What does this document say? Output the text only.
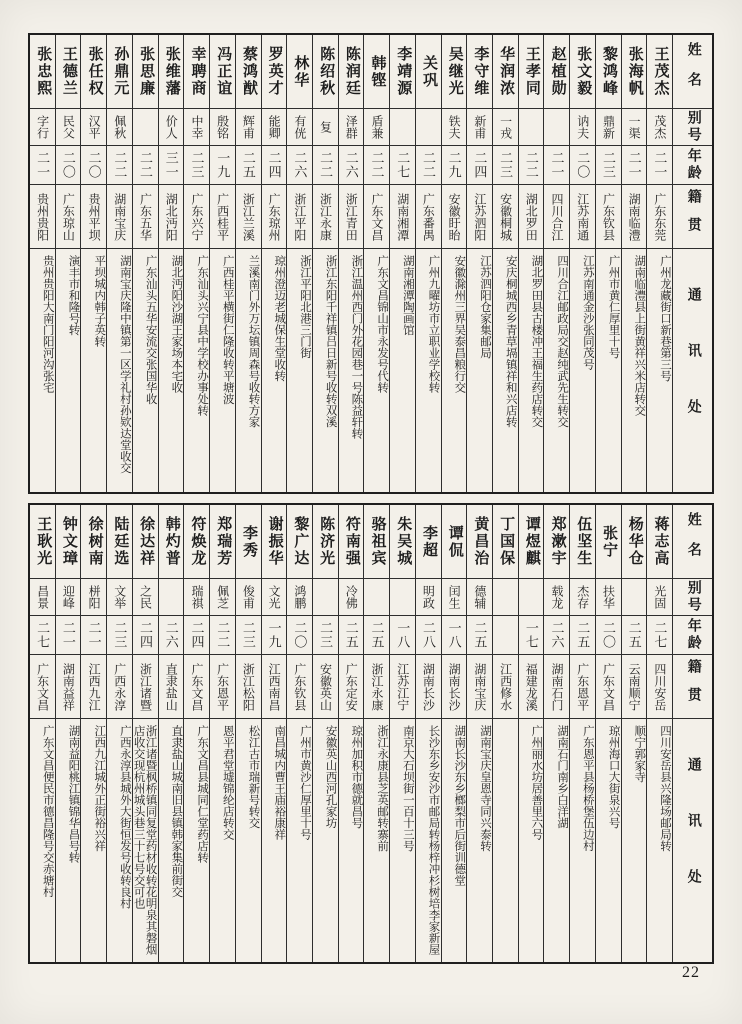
姓名
别号
年龄
籍贯
通讯处
王茂杰
茂杰
二一
广东东莞
广州龙藏街口新巷第三号
张海帆
一渠
二一
湖南临澧
湖南临澧县上街黄祥兴米店转交
黎鸿峰
鼎新
二三
广东钦县
广州市黄仁厚里十号
张文毅
讷夫
二〇
江苏南通
江苏南通金沙张同茂号
赵植勋
二一
四川合江
四川合江邮政局交赵纯武先生转交
王孝同
二二
湖北罗田
湖北罗田县古楼冲王福生药店转交
华润浓
一戎
二三
安徽桐城
安庆桐城西乡青草塥镇祥和兴店转
李守维
新甫
二四
江苏泗阳
江苏泗阳仓家集邮局
吴继光
铁夫
二九
安徽盱眙
安徽滁州三界吴泰昌粮行交
关巩
二二
广东番禺
广州九曜坊市立职业学校转
李靖源
二七
湖南湘潭
湖南湘潭陶画馆
韩铿
盾兼
二二
广东文昌
广东文昌锦山市永发号代转
陈润廷
泽群
二六
浙江青田
浙江温州西门外花园巷一号陈益轩转
陈绍秋
复
二二
浙江永康
浙江东阳千祥镇吕日新号收转双溪
林华
有侊
二六
浙江平阳
浙江平阳北港三门街
罗英才
能卿
二四
广东琼州
琼州澄迈老城保生堂收转
蔡鸿猷
辉甫
二五
浙江兰溪
兰溪南门外万坛镇周森号收转方家
冯正谊
殷铭
一九
广西桂平
广西桂平横街仁隆收转平塘波
幸聘商
中幸
二三
广东兴宁
广东汕头兴宁县中学校办事处转
张维藩
价人
三一
湖北沔阳
湖北沔阳沙湖王家场本宅收
张思廉
二二
广东五华
广东汕头五华安流交张国华收
孙鼎元
佩秋
二二
湖南宝庆
湖南宝庆隆中镇第一区学礼村孙欵达堂收交
张任权
汉平
二〇
贵州平坝
平坝城内韩子英转
王德兰
民父
二〇
广东琼山
演丰市和隆号转
张忠熙
字行
二一
贵州贵阳
贵州贵阳大南门阳河沟张宅
姓名
别号
年龄
籍贯
通讯处
蒋志高
光固
二七
四川安岳
四川安岳县兴隆场邮局转
杨华仓
二五
云南顺宁
顺宁郭家寺
张宁
扶华
二〇
广东文昌
琼州海口大街泉兴号
伍坚生
杰存
二五
广东恩平
广东恩平县杨桥堡伍边村
郑漱宇
载龙
二六
湖南石门
湖南石门南乡白洋湖
谭煜麒
一七
福建龙溪
广州丽水坊居善里六号
丁国保
江西修水
黄昌治
德辅
二五
湖南宝庆
湖南宝庆皇恩寺同兴泰转
谭侃
闰生
一八
湖南长沙
湖南长沙东乡榔梨市后街训德堂
李超
明政
二八
湖南长沙
长沙东乡安沙市邮局转杨梓冲杉树培李家新屋
朱吴城
一八
江苏江宁
南京大石坝街一百十三号
骆祖宾
二五
浙江永康
浙江永康县芝英邮转寨前
符南强
冷佛
二五
广东定安
琼州加积市德就昌号
陈济光
二三
安徽英山
安徽英山西河孔家坊
黎广达
鸿鹏
二〇
广东钦县
广州市黄沙仁厚里十号
谢振华
文光
一九
江西南昌
南昌城内曹王庙裕康祥
李秀
俊甫
二三
浙江松阳
松江古市瑞新号转交
郑瑞芳
佩芝
二二
广东恩平
恩平君堂墟锦纶店转交
符焕龙
瑞祺
二四
广东文昌
广东文昌县城同仁堂药店转
韩灼普
二六
直隶盐山
直隶盐山城南旧县镇韩家集前街交
徐达祥
之民
二四
浙江诸暨
浙江诸暨枫桥镇同复堂药材收转花明泉其磐烟店收交现杭州城头巷三十七号交可也
陆廷选
文举
二三
广西永淳
广西永淳县城外大街恒发号收转良村
徐树南
栟阳
二一
江西九江
江西九江城外正街裕兴祥
钟文璋
迎峰
二一
湖南益祥
湖南益阳桃江镇锦华昌号转
王耿光
昌景
二七
广东文昌
广东文昌便民市德昌隆号交赤塘村
22
